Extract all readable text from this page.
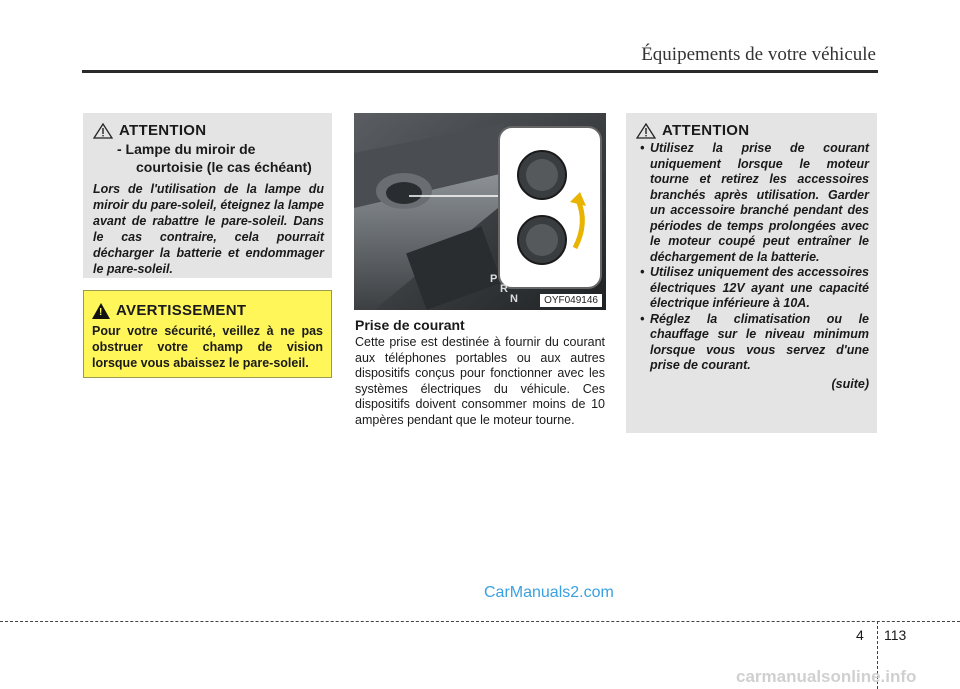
Équipements de votre véhicule
ATTENTION
- Lampe du miroir de
courtoisie (le cas échéant)
Lors de l'utilisation de la lampe du miroir du pare-soleil, éteignez la lampe avant de rabattre le pare-soleil. Dans le cas contraire, cela pourrait décharger la batterie et endommager le pare-soleil.
! AVERTISSEMENT
Pour votre sécurité, veillez à ne pas obstruer votre champ de vision lorsque vous abaissez le pare-soleil.
P
R
N	OYF049146
Prise de courant
Cette prise est destinée à fournir du courant aux téléphones portables ou aux autres dispositifs conçus pour fonctionner avec les systèmes électriques du véhicule. Ces dispositifs doivent consommer moins de 10 ampères pendant que le moteur tourne.
ATTENTION
• Utilisez la prise de courant uniquement lorsque le moteur tourne et retirez les accessoires branchés après utilisation. Garder un accessoire branché pendant des périodes de temps prolongées avec le moteur coupé peut entraîner le déchargement de la batterie.
• Utilisez uniquement des accessoires électriques 12V ayant une capacité électrique inférieure à 10A.
• Réglez la climatisation ou le chauffage sur le niveau minimum lorsque vous vous servez d'une prise de courant.
(suite)
CarManuals2.com
4 113
carmanualsonline.info
